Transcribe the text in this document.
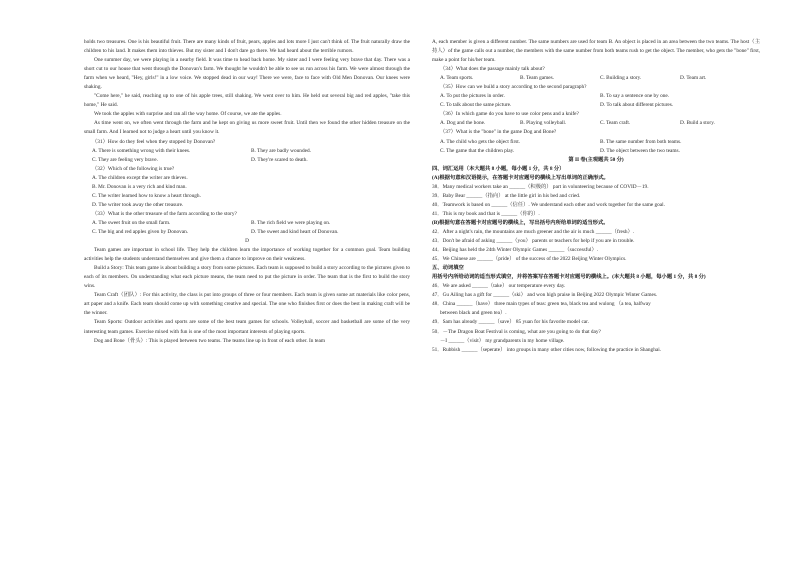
holds two treasures. One is his beautiful fruit. There are many kinds of fruit, pears, apples and lots more I just can't think of. The fruit naturally draw the children to his land. It makes them into thieves. But my sister and I don't dare go there. We had heard about the terrible rumors.
One summer day, we were playing in a nearby field. It was time to head back home. My sister and I were feeling very brave that day. There was a short cut to our house that went through the Donovan's farm. We thought he wouldn't be able to see us run across his farm. We were almost through the farm when we heard, "Hey, girls!" in a low voice. We stopped dead in our way! There we were, face to face with Old Men Donovan. Our knees were shaking.
"Come here," he said, reaching up to one of his apple trees, still shaking. We went over to him. He held out several big and red apples, "take this home," He said.
We took the apples with surprise and ran all the way home. Of course, we ate the apples.
As time went on, we often went through the farm and he kept on giving us more sweet fruit. Until then we found the other hidden treasure on the small farm. And I learned not to judge a heart until you know it.
（31）How do they feel when they stopped by Donovan?
A. There is something wrong with their knees.	B. They are badly wounded.
C. They are feeling very brave.	D. They're scared to death.
（32）Which of the following is true?
A. The children except the writer are thieves.
B. Mr. Donovan is a very rich and kind man.
C. The writer learned how to know a heart through.
D. The writer took away the other treasure.
（33）What is the other treasure of the farm according to the story?
A. The sweet fruit on the small farm.	B. The rich field we were playing on.
C. The big and red apples given by Donovan.	D. The sweet and kind heart of Donovan.
D
Team games are important in school life. They help the children learn the importance of working together for a common goal. Team building activities help the students understand themselves and give them a chance to improve on their weakness.
Build a Story: This team game is about building a story from some pictures. Each team is supposed to build a story according to the pictures given to each of its members. On understanding what each picture means, the team need to put the picture in order. The team that is the first to build the story wins.
Team Craft（团队）: For this activity, the class is put into groups of three or four members. Each team is given some art materials like color pens, art paper and a knife. Each team should come up with something creative and special. The one who finishes first or does the best in making craft will be the winner.
Team Sports: Outdoor activities and sports are some of the best team games for schools. Volleyball, soccer and basketball are some of the very interesting team games. Exercise mixed with fun is one of the most important interests of playing sports.
Dog and Bone（骨头）: This is played between two teams. The teams line up in front of each other. In team
A, each member is given a different number. The same numbers are used for team B. An object is placed in an area between the two teams. The host（主持人）of the game calls out a number, the members with the same number from both teams rush to get the object. The member, who gets the "bone" first, make a point for his/her team.
（34）What does the passage mainly talk about?
A. Team sports.	B. Team games.	C. Building a story.	D. Team art.
（35）How can we build a story according to the second paragraph?
A. To put the pictures in order.	B. To say a sentence one by one.
C. To talk about the same picture.	D. To talk about different pictures.
（36）In which game do you have to use color pens and a knife?
A. Dog and the bone.	B. Playing volleyball.	C. Team craft.	D. Build a story.
（37）What is the "bone" in the game Dog and Bone?
A. The child who gets the object first.	B. The same number from both teams.
C. The game that the children play.	D. The object between the two teams.
第 II 卷(主观题共 50 分)
四、词汇运用（本大题共 8 小题，每小题 1 分，共 8 分）
(A)根据句意和汉语提示，在答题卡对应题号的横线上写出单词的正确形式。
38．Many medical workers take an ______（积极的） part in volunteering because of COVID－19.
39．Baby Bear ______（指向） at the little girl in his bed and cried.
40．Teamwork is based on ______（信任）. We understand each other and work together for the same goal.
41．This is my book and that is ______（你的）.
(B)根据句意在答题卡对应题号的横线上，写出括号内所给单词的适当形式。
42．After a night's rain, the mountains are much greener and the air is much ______（fresh）.
43．Don't be afraid of asking ______（you） parents or teachers for help if you are in trouble.
44．Beijing has held the 24th Winter Olympic Games ______（successful）.
45．We Chinese are ______（pride） of the success of the 2022 Beijing Winter Olympics.
五、动词填空
用括号内所给动词的适当形式填空，并将答案写在答题卡对应题号的横线上。(本大题共 8 小题，每小题 1 分，共 8 分)
46．We are asked ______（take） our temperature every day.
47．Gu Ailing has a gift for ______（ski） and won high praise in Beijing 2022 Olympic Winter Games.
48．China ______（have） three main types of teas: green tea, black tea and wulong （a tea, halfway
between black and green tea）.
49．Sam has already ______（save） 85 yuan for his favorite model car.
50．－The Dragon Boat Festival is coming, what are you going to do that day?
－I ______（visit） my grandparents in my home village.
51．Rubbish ______（seperate） into groups in many other cities now, following the practice in Shanghai.
